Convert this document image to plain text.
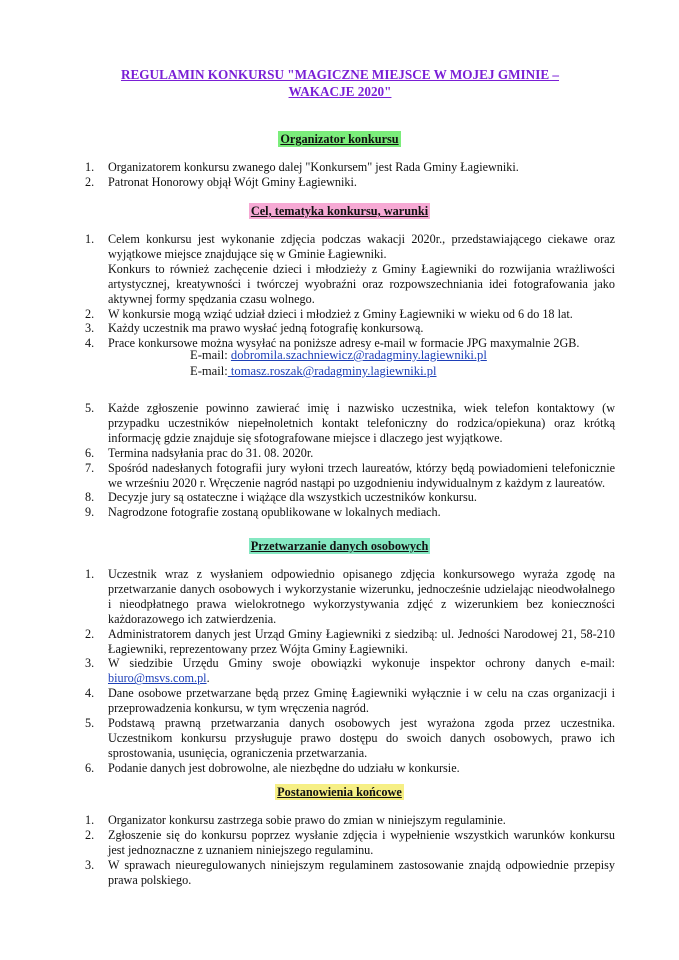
REGULAMIN KONKURSU "MAGICZNE MIEJSCE W MOJEJ GMINIE –
WAKACJE 2020"
Organizator konkursu
1. Organizatorem konkursu zwanego dalej "Konkursem" jest Rada Gminy Łagiewniki.
2. Patronat Honorowy objął Wójt Gminy Łagiewniki.
Cel, tematyka konkursu, warunki
1. Celem konkursu jest wykonanie zdjęcia podczas wakacji 2020r., przedstawiającego ciekawe oraz wyjątkowe miejsce znajdujące się w Gminie Łagiewniki.
Konkurs to również zachęcenie dzieci i młodzieży z Gminy Łagiewniki do rozwijania wrażliwości artystycznej, kreatywności i twórczej wyobraźni oraz rozpowszechniania idei fotografowania jako aktywnej formy spędzania czasu wolnego.
2. W konkursie mogą wziąć udział dzieci i młodzież z Gminy Łagiewniki w wieku od 6 do 18 lat.
3. Każdy uczestnik ma prawo wysłać jedną fotografię konkursową.
4. Prace konkursowe można wysyłać na poniższe adresy e-mail w formacie JPG maxymalnie 2GB.
E-mail: dobromila.szachniewicz@radagminy.lagiewniki.pl
E-mail: tomasz.roszak@radagminy.lagiewniki.pl
5. Każde zgłoszenie powinno zawierać imię i nazwisko uczestnika, wiek telefon kontaktowy (w przypadku uczestników niepełnoletnich kontakt telefoniczny do rodzica/opiekuna) oraz krótką informację gdzie znajduje się sfotografowane miejsce i dlaczego jest wyjątkowe.
6. Termina nadsyłania prac do 31. 08. 2020r.
7. Spośród nadesłanych fotografii jury wyłoni trzech laureatów, którzy będą powiadomieni telefonicznie we wrześniu 2020 r. Wręczenie nagród nastąpi po uzgodnieniu indywidualnym z każdym z laureatów.
8. Decyzje jury są ostateczne i wiążące dla wszystkich uczestników konkursu.
9. Nagrodzone fotografie zostaną opublikowane w lokalnych mediach.
Przetwarzanie danych osobowych
1. Uczestnik wraz z wysłaniem odpowiednio opisanego zdjęcia konkursowego wyraża zgodę na przetwarzanie danych osobowych i wykorzystanie wizerunku, jednocześnie udzielając nieodwołalnego i nieodpłatnego prawa wielokrotnego wykorzystywania zdjęć z wizerunkiem bez konieczności każdorazowego ich zatwierdzenia.
2. Administratorem danych jest Urząd Gminy Łagiewniki z siedzibą: ul. Jedności Narodowej 21, 58-210 Łagiewniki, reprezentowany przez Wójta Gminy Łagiewniki.
3. W siedzibie Urzędu Gminy swoje obowiązki wykonuje inspektor ochrony danych e-mail: biuro@msvs.com.pl.
4. Dane osobowe przetwarzane będą przez Gminę Łagiewniki wyłącznie i w celu na czas organizacji i przeprowadzenia konkursu, w tym wręczenia nagród.
5. Podstawą prawną przetwarzania danych osobowych jest wyrażona zgoda przez uczestnika. Uczestnikom konkursu przysługuje prawo dostępu do swoich danych osobowych, prawo ich sprostowania, usunięcia, ograniczenia przetwarzania.
6. Podanie danych jest dobrowolne, ale niezbędne do udziału w konkursie.
Postanowienia końcowe
1. Organizator konkursu zastrzega sobie prawo do zmian w niniejszym regulaminie.
2. Zgłoszenie się do konkursu poprzez wysłanie zdjęcia i wypełnienie wszystkich warunków konkursu jest jednoznaczne z uznaniem niniejszego regulaminu.
3. W sprawach nieuregulowanych niniejszym regulaminem zastosowanie znajdą odpowiednie przepisy prawa polskiego.
